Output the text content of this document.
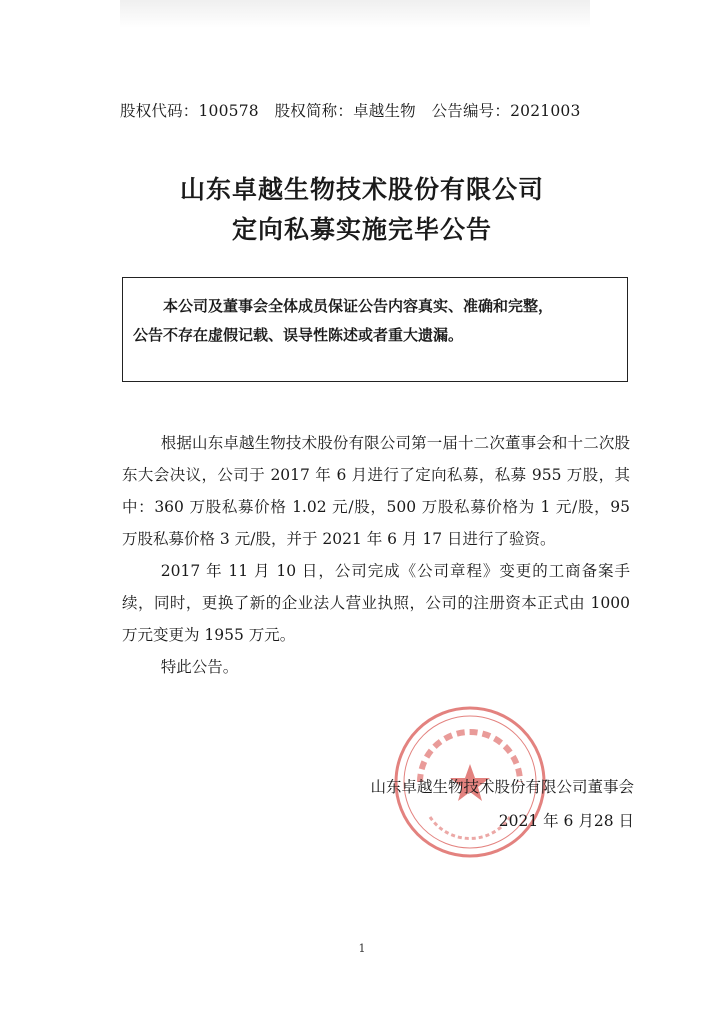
股权代码：100578　股权简称：卓越生物　公告编号：2021003
山东卓越生物技术股份有限公司
定向私募实施完毕公告
本公司及董事会全体成员保证公告内容真实、准确和完整，
公告不存在虚假记载、误导性陈述或者重大遗漏。
根据山东卓越生物技术股份有限公司第一届十二次董事会和十二次股东大会决议，公司于 2017 年 6 月进行了定向私募，私募 955 万股，其中：360 万股私募价格 1.02 元/股，500 万股私募价格为 1 元/股，95 万股私募价格 3 元/股，并于 2021 年 6 月 17 日进行了验资。
2017 年 11 月 10 日，公司完成《公司章程》变更的工商备案手续，同时，更换了新的企业法人营业执照，公司的注册资本正式由 1000 万元变更为 1955 万元。
特此公告。
山东卓越生物技术股份有限公司董事会
2021 年 6 月28 日
1
